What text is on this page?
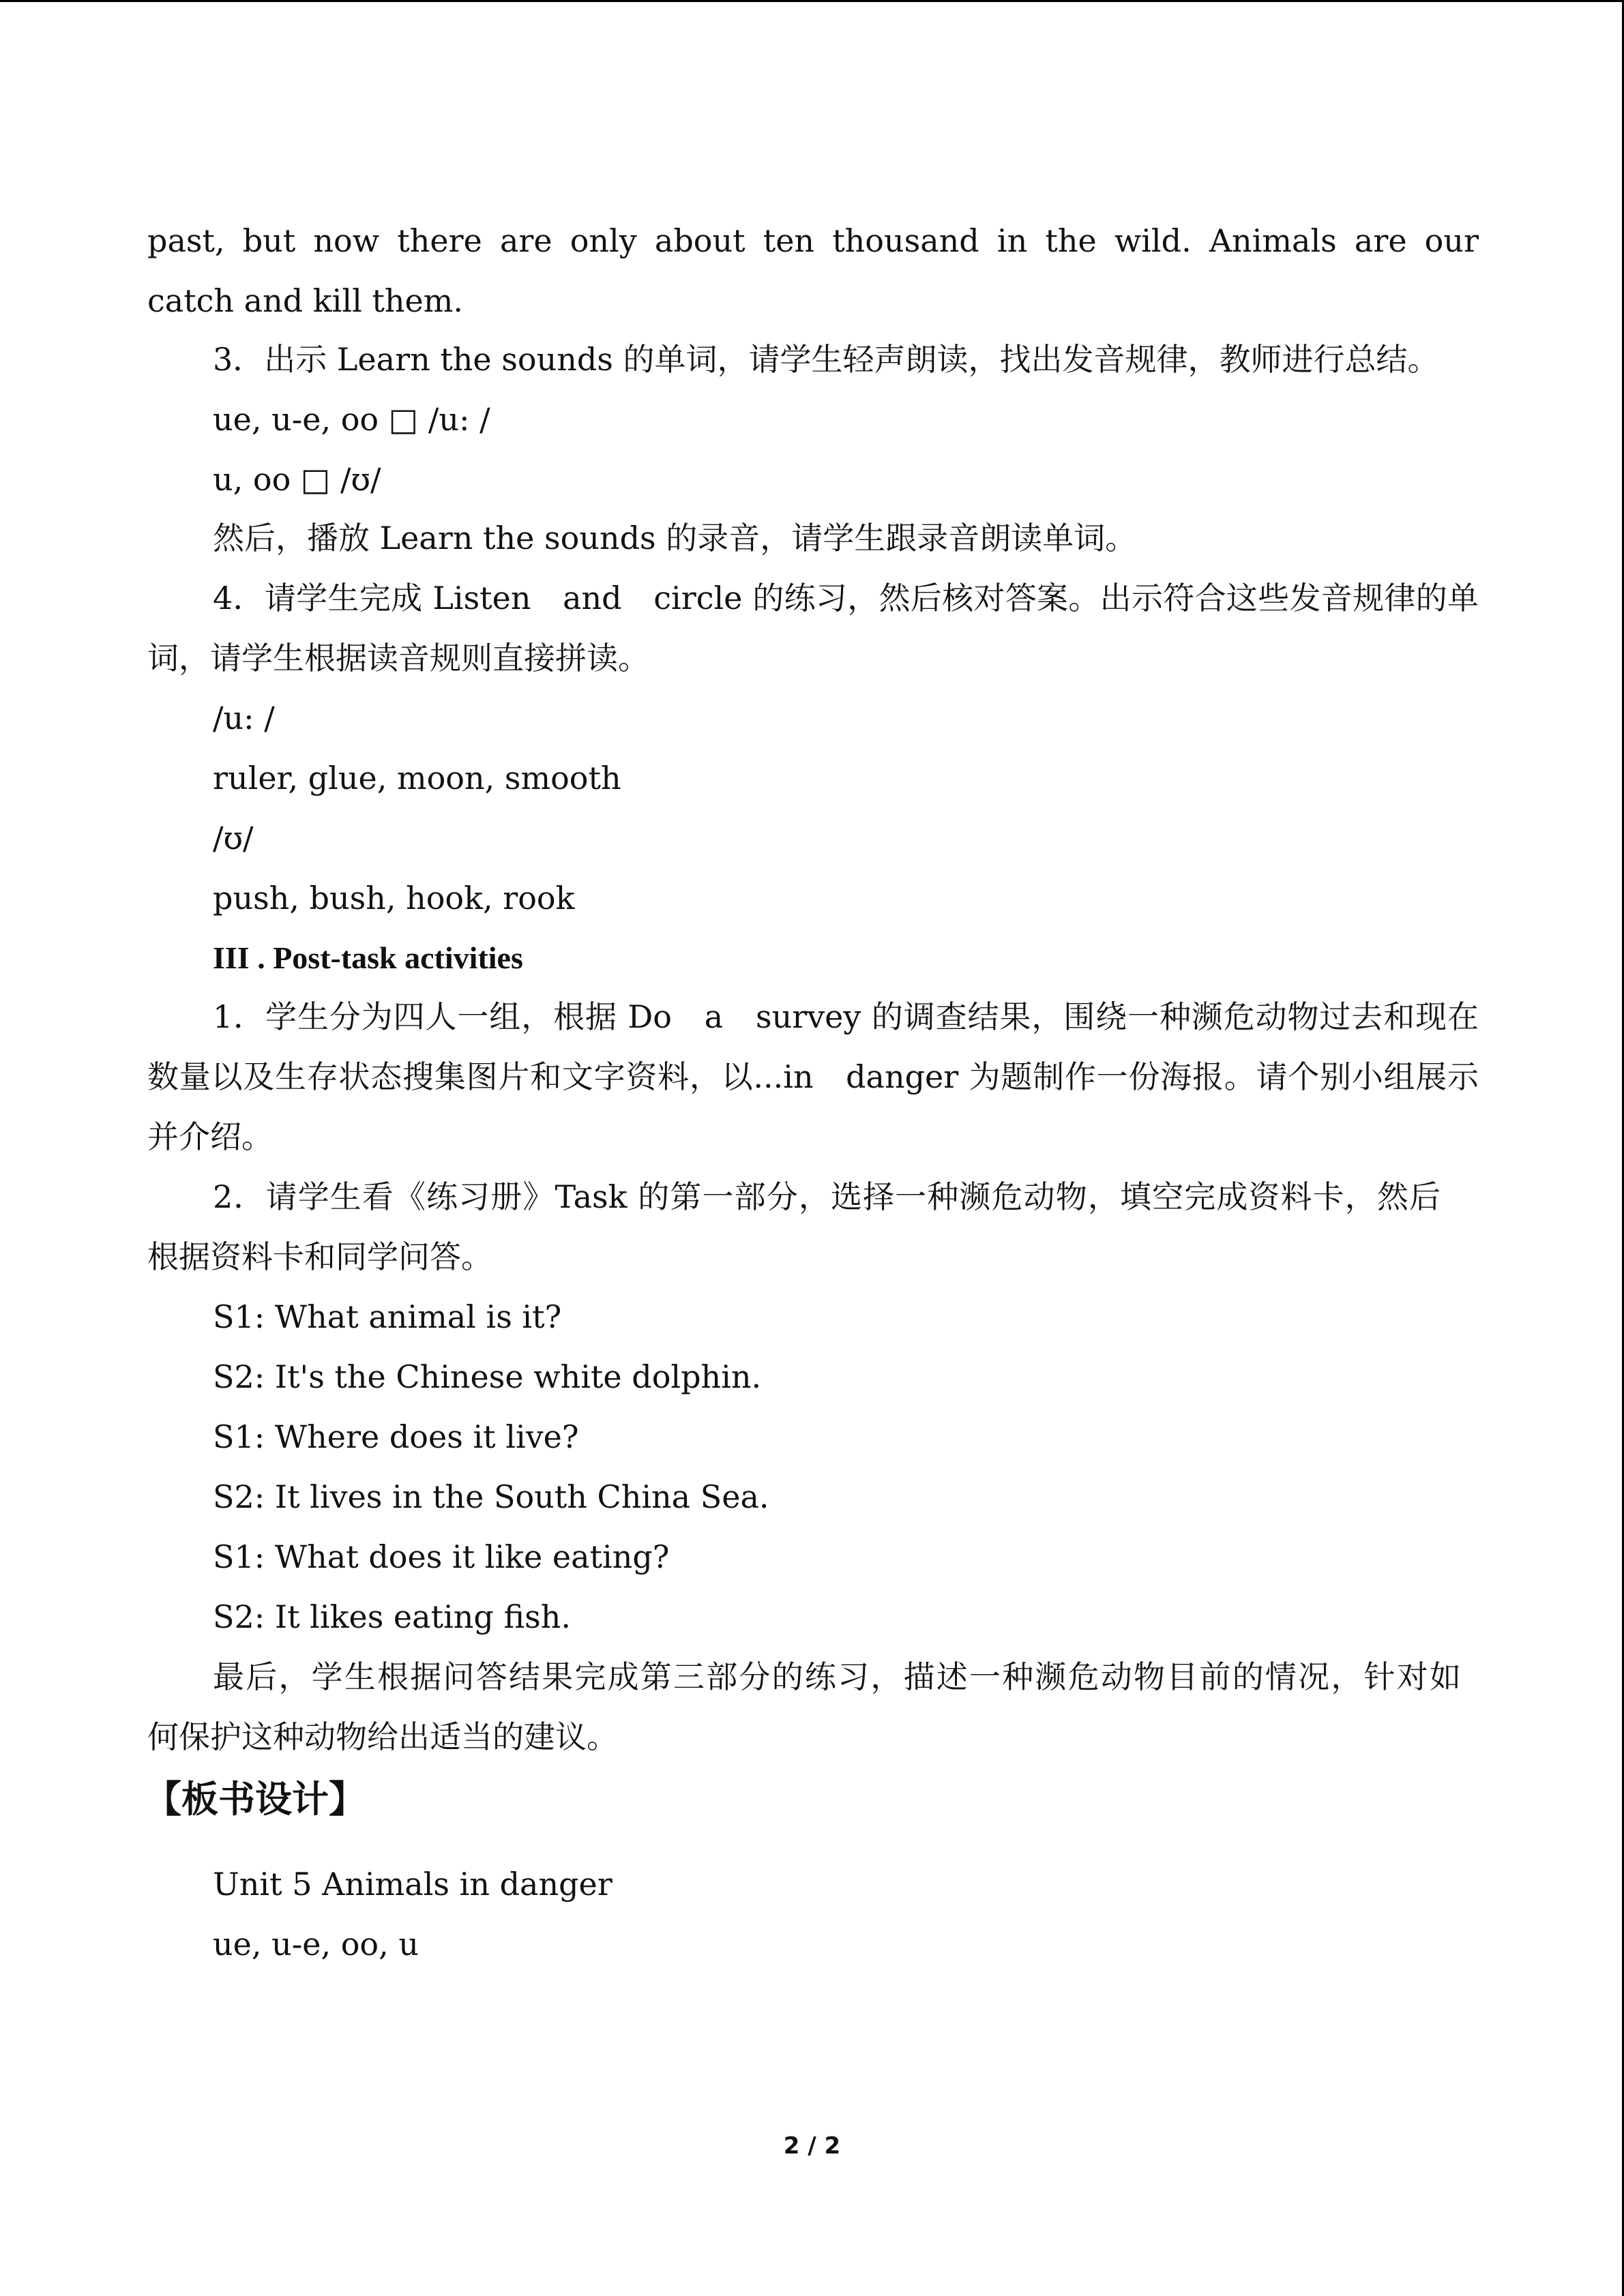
past, but now there are only about ten thousand in the wild. Animals are our
catch and kill them.
3．出示 Learn the sounds 的单词，请学生轻声朗读，找出发音规律，教师进行总结。
ue, u-e, oo □ /u: /
u, oo □ /ʊ/
然后，播放 Learn the sounds 的录音，请学生跟录音朗读单词。
4．请学生完成 Listen　and　circle 的练习，然后核对答案。出示符合这些发音规律的单
词，请学生根据读音规则直接拼读。
/u: /
ruler, glue, moon, smooth
/ʊ/
push, bush, hook, rook
III . Post-task activities
1．学生分为四人一组，根据 Do　a　survey 的调查结果，围绕一种濒危动物过去和现在
数量以及生存状态搜集图片和文字资料，以...in　danger 为题制作一份海报。请个别小组展示
并介绍。
2．请学生看《练习册》Task 的第一部分，选择一种濒危动物，填空完成资料卡，然后
根据资料卡和同学问答。
S1: What animal is it?
S2: It's the Chinese white dolphin.
S1: Where does it live?
S2: It lives in the South China Sea.
S1: What does it like eating?
S2: It likes eating fish.
最后，学生根据问答结果完成第三部分的练习，描述一种濒危动物目前的情况，针对如
何保护这种动物给出适当的建议。
【板书设计】
Unit 5 Animals in danger
ue, u-e, oo, u
2 / 2
